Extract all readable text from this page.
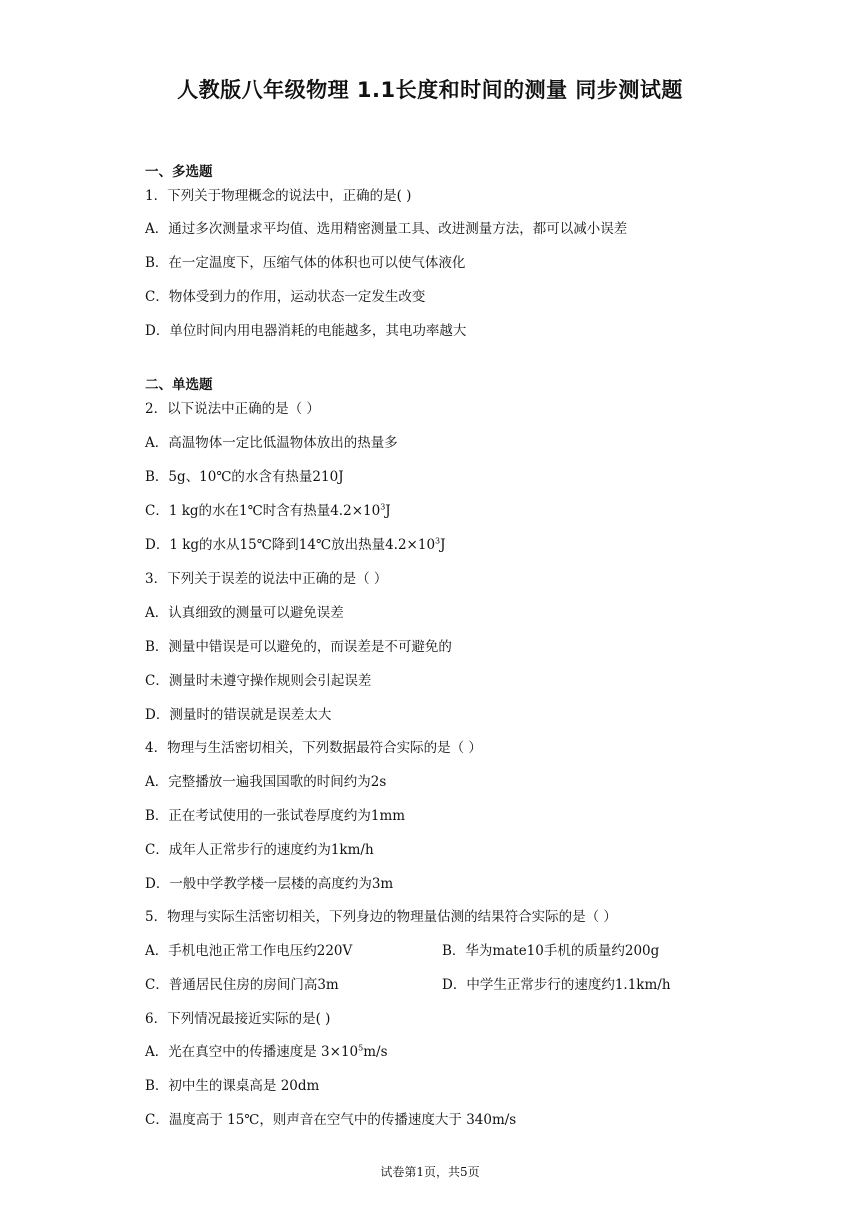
人教版八年级物理 1.1长度和时间的测量 同步测试题
一、多选题
1．下列关于物理概念的说法中，正确的是( )
A．通过多次测量求平均值、选用精密测量工具、改进测量方法，都可以减小误差
B．在一定温度下，压缩气体的体积也可以使气体液化
C．物体受到力的作用，运动状态一定发生改变
D．单位时间内用电器消耗的电能越多，其电功率越大
二、单选题
2．以下说法中正确的是（ ）
A．高温物体一定比低温物体放出的热量多
B．5g、10℃的水含有热量210J
C．1 kg的水在1℃时含有热量$4.2\times 10^3J$
D．1 kg的水从15℃降到14℃放出热量$4.2\times 10^3J$
3．下列关于误差的说法中正确的是（ ）
A．认真细致的测量可以避免误差
B．测量中错误是可以避免的，而误差是不可避免的
C．测量时未遵守操作规则会引起误差
D．测量时的错误就是误差太大
4．物理与生活密切相关，下列数据最符合实际的是（ ）
A．完整播放一遍我国国歌的时间约为2s
B．正在考试使用的一张试卷厚度约为1mm
C．成年人正常步行的速度约为1km/h
D．一般中学教学楼一层楼的高度约为3m
5．物理与实际生活密切相关，下列身边的物理量估测的结果符合实际的是（ ）
A．手机电池正常工作电压约220V	B．华为mate10手机的质量约200g
C．普通居民住房的房间门高3m	D．中学生正常步行的速度约1.1km/h
6．下列情况最接近实际的是( )
A．光在真空中的传播速度是 $3\times 10^5m/s$
B．初中生的课桌高是 20dm
C．温度高于 15℃，则声音在空气中的传播速度大于 340m/s
试卷第1页，共5页
